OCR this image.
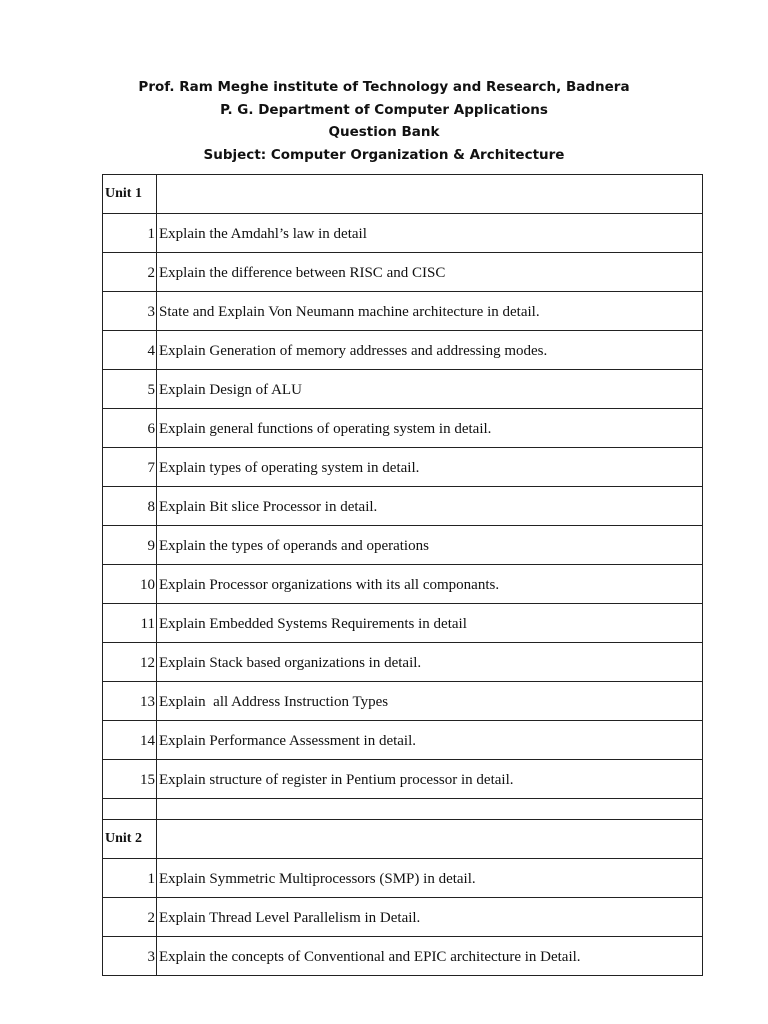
Prof. Ram Meghe institute of Technology and Research, Badnera
P. G. Department of Computer Applications
Question Bank
Subject: Computer Organization & Architecture
Unit 1	
1	Explain the Amdahl’s law in detail
2	Explain the difference between RISC and CISC
3	State and Explain Von Neumann machine architecture in detail.
4	Explain Generation of memory addresses and addressing modes.
5	Explain Design of ALU
6	Explain general functions of operating system in detail.
7	Explain types of operating system in detail.
8	Explain Bit slice Processor in detail.
9	Explain the types of operands and operations
10	Explain Processor organizations with its all componants.
11	Explain Embedded Systems Requirements in detail
12	Explain Stack based organizations in detail.
13	Explain  all Address Instruction Types
14	Explain Performance Assessment in detail.
15	Explain structure of register in Pentium processor in detail.

Unit 2	
1	Explain Symmetric Multiprocessors (SMP) in detail.
2	Explain Thread Level Parallelism in Detail.
3	Explain the concepts of Conventional and EPIC architecture in Detail.
